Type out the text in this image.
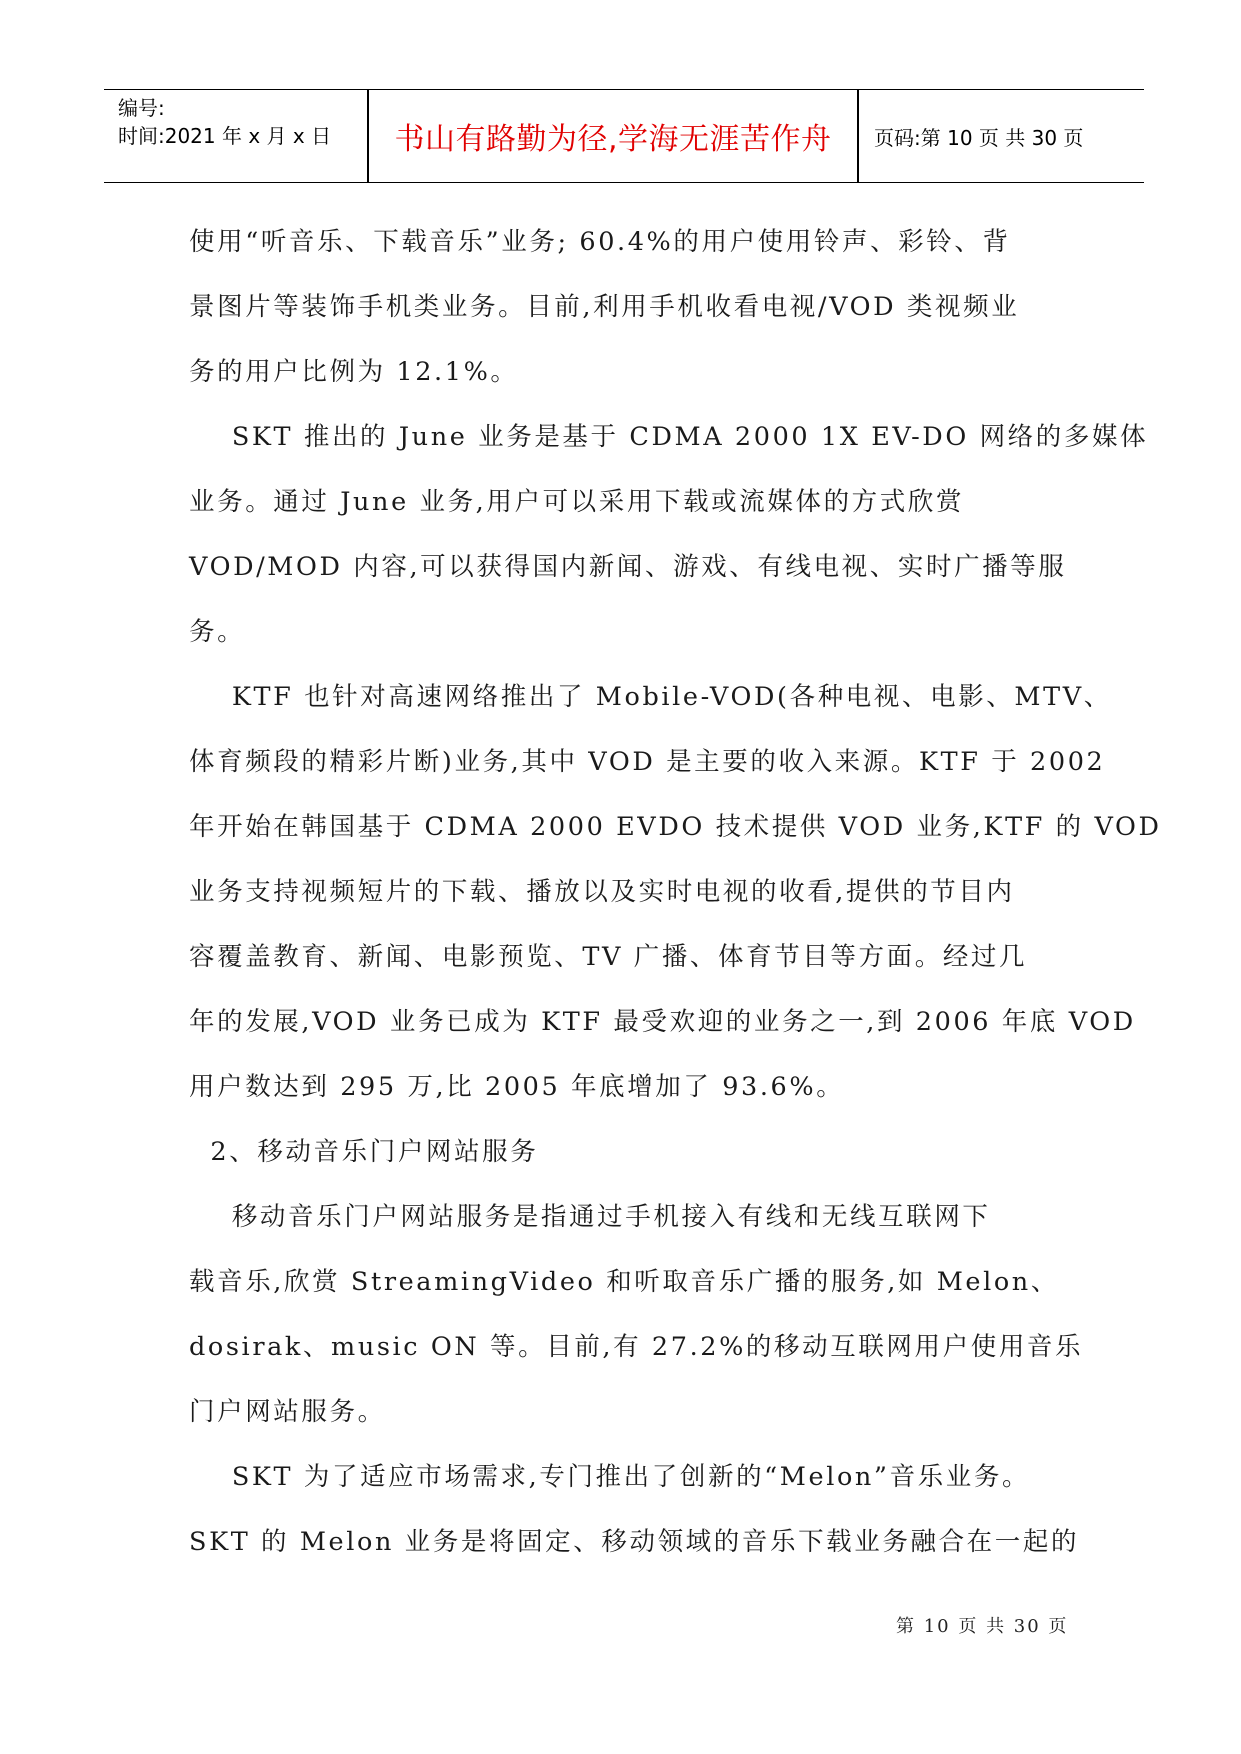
编号:
时间:2021 年 x 月 x 日	书山有路勤为径,学海无涯苦作舟	页码:第 10 页 共 30 页
使用“听音乐、下载音乐”业务; 60.4%的用户使用铃声、彩铃、背
景图片等装饰手机类业务。目前,利用手机收看电视/VOD 类视频业
务的用户比例为 12.1%。
SKT 推出的 June 业务是基于 CDMA 2000 1X EV-DO 网络的多媒体
业务。通过 June 业务,用户可以采用下载或流媒体的方式欣赏
VOD/MOD 内容,可以获得国内新闻、游戏、有线电视、实时广播等服
务。
KTF 也针对高速网络推出了 Mobile-VOD(各种电视、电影、MTV、
体育频段的精彩片断)业务,其中 VOD 是主要的收入来源。KTF 于 2002
年开始在韩国基于 CDMA 2000 EVDO 技术提供 VOD 业务,KTF 的 VOD
业务支持视频短片的下载、播放以及实时电视的收看,提供的节目内
容覆盖教育、新闻、电影预览、TV 广播、体育节目等方面。经过几
年的发展,VOD 业务已成为 KTF 最受欢迎的业务之一,到 2006 年底 VOD
用户数达到 295 万,比 2005 年底增加了 93.6%。
2、移动音乐门户网站服务
移动音乐门户网站服务是指通过手机接入有线和无线互联网下
载音乐,欣赏 StreamingVideo 和听取音乐广播的服务,如 Melon、
dosirak、music ON 等。目前,有 27.2%的移动互联网用户使用音乐
门户网站服务。
SKT 为了适应市场需求,专门推出了创新的“Melon”音乐业务。
SKT 的 Melon 业务是将固定、移动领域的音乐下载业务融合在一起的
第 10 页 共 30 页
